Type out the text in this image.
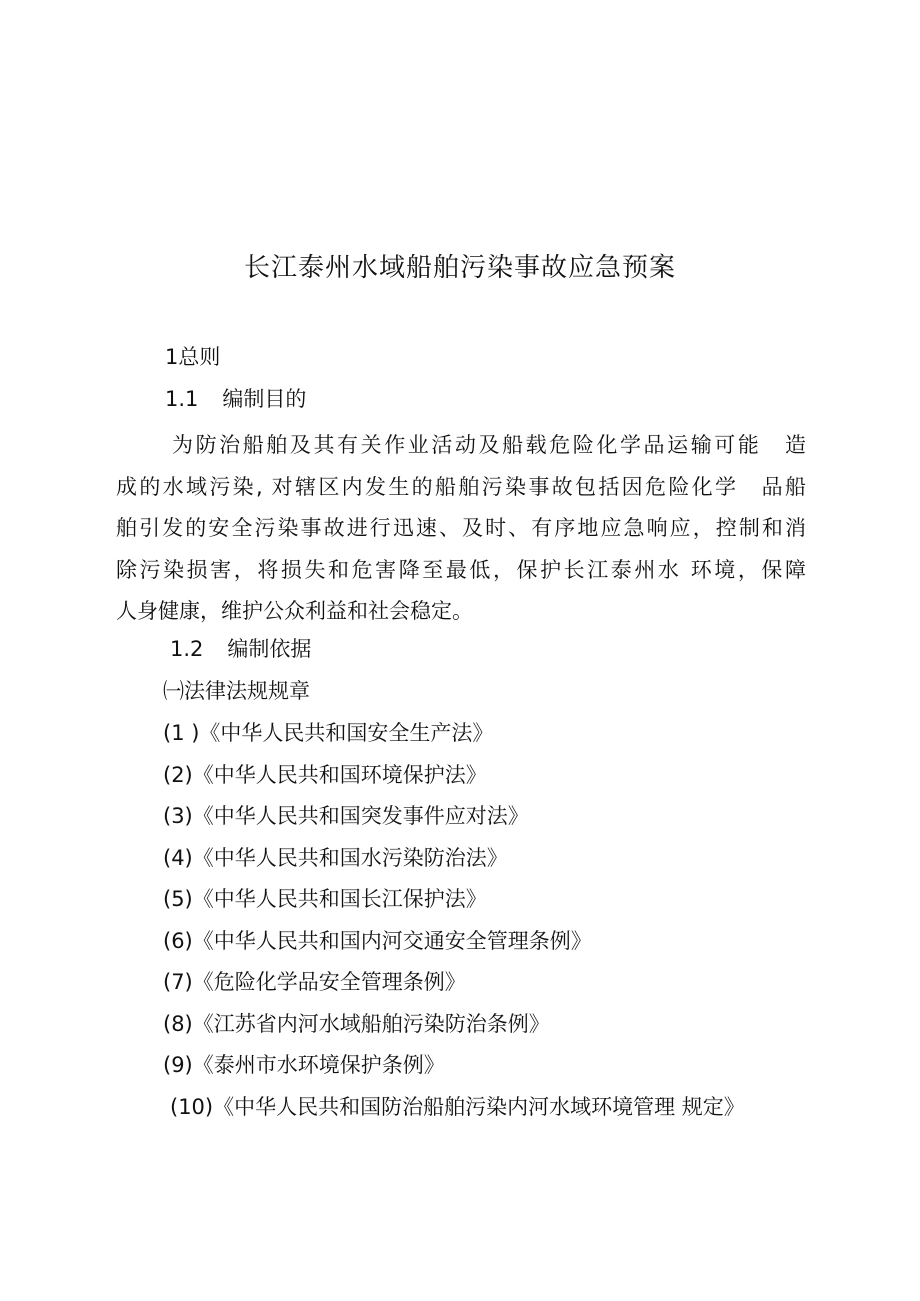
长江泰州水域船舶污染事故应急预案
1总则
1.1 编制目的
为防治船舶及其有关作业活动及船载危险化学品运输可能　造
成的水域污染, 对辖区内发生的船舶污染事故包括因危险化学　品船
舶引发的安全污染事故进行迅速、及时、有序地应急响应，控制和消
除污染损害，将损失和危害降至最低，保护长江泰州水 环境，保障
人身健康，维护公众利益和社会稳定。
1.2 编制依据
㈠法律法规规章
(1 )《中华人民共和国安全生产法》
(2)《中华人民共和国环境保护法》
(3)《中华人民共和国突发事件应对法》
(4)《中华人民共和国水污染防治法》
(5)《中华人民共和国长江保护法》
(6)《中华人民共和国内河交通安全管理条例》
(7)《危险化学品安全管理条例》
(8)《江苏省内河水域船舶污染防治条例》
(9)《泰州市水环境保护条例》
(10)《中华人民共和国防治船舶污染内河水域环境管理 规定》
